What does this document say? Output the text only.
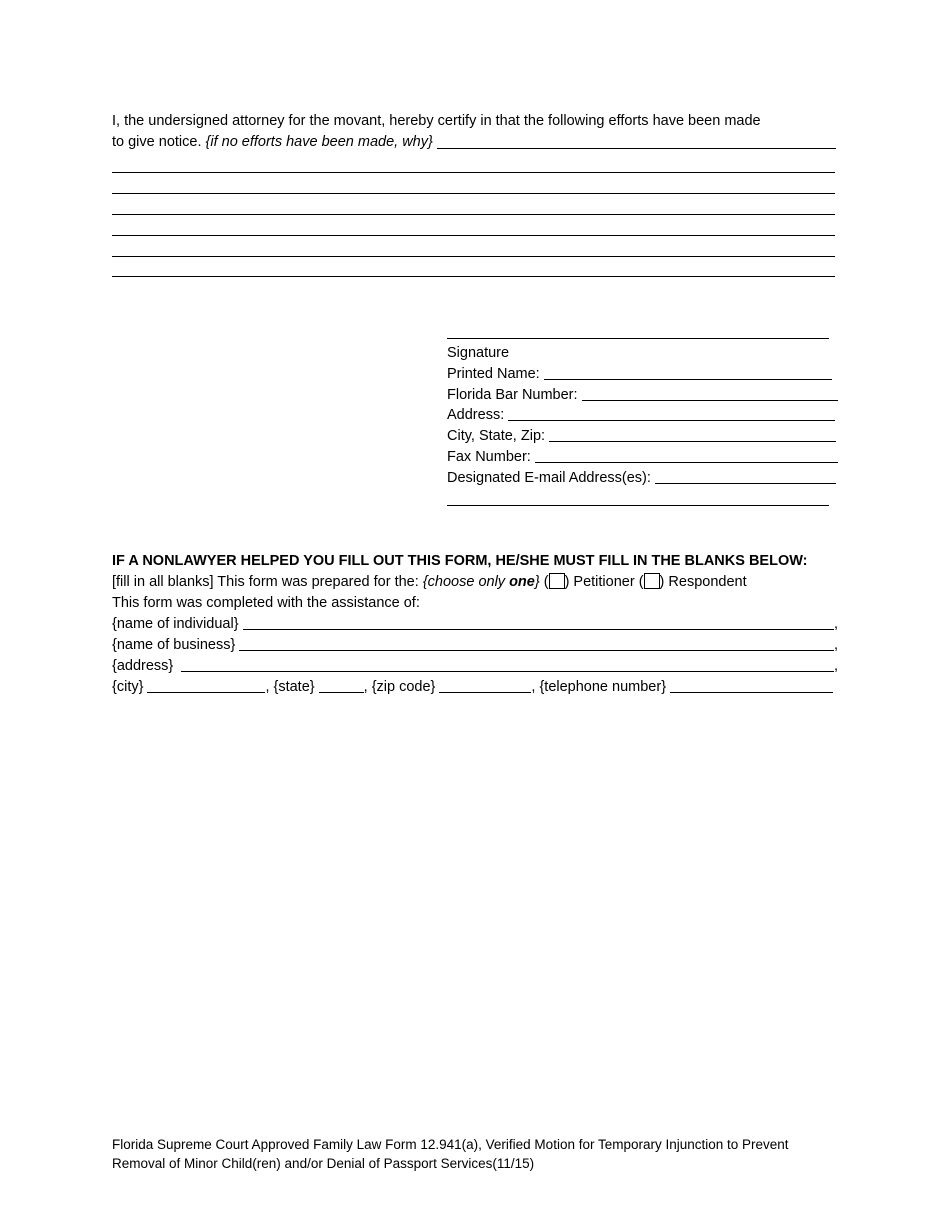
I, the undersigned attorney for the movant, hereby certify in that the following efforts have been made
to give notice.
{if no efforts have been made, why}
Signature
Printed Name:
Florida Bar Number:
Address:
City, State, Zip:
Fax Number:
Designated E-mail Address(es):
IF A NONLAWYER HELPED YOU FILL OUT THIS FORM, HE/SHE MUST FILL IN THE BLANKS BELOW:
[fill in all blanks] This form was prepared for the: {choose only one} ( ) Petitioner ( ) Respondent
This form was completed with the assistance of:
{name of individual}	,
{name of business}	,
{address}	,
{city}	, {state}	, {zip code}	, {telephone number}
Florida Supreme Court Approved Family Law Form 12.941(a), Verified Motion for Temporary Injunction to Prevent
Removal of Minor Child(ren) and/or Denial of Passport Services(11/15)
